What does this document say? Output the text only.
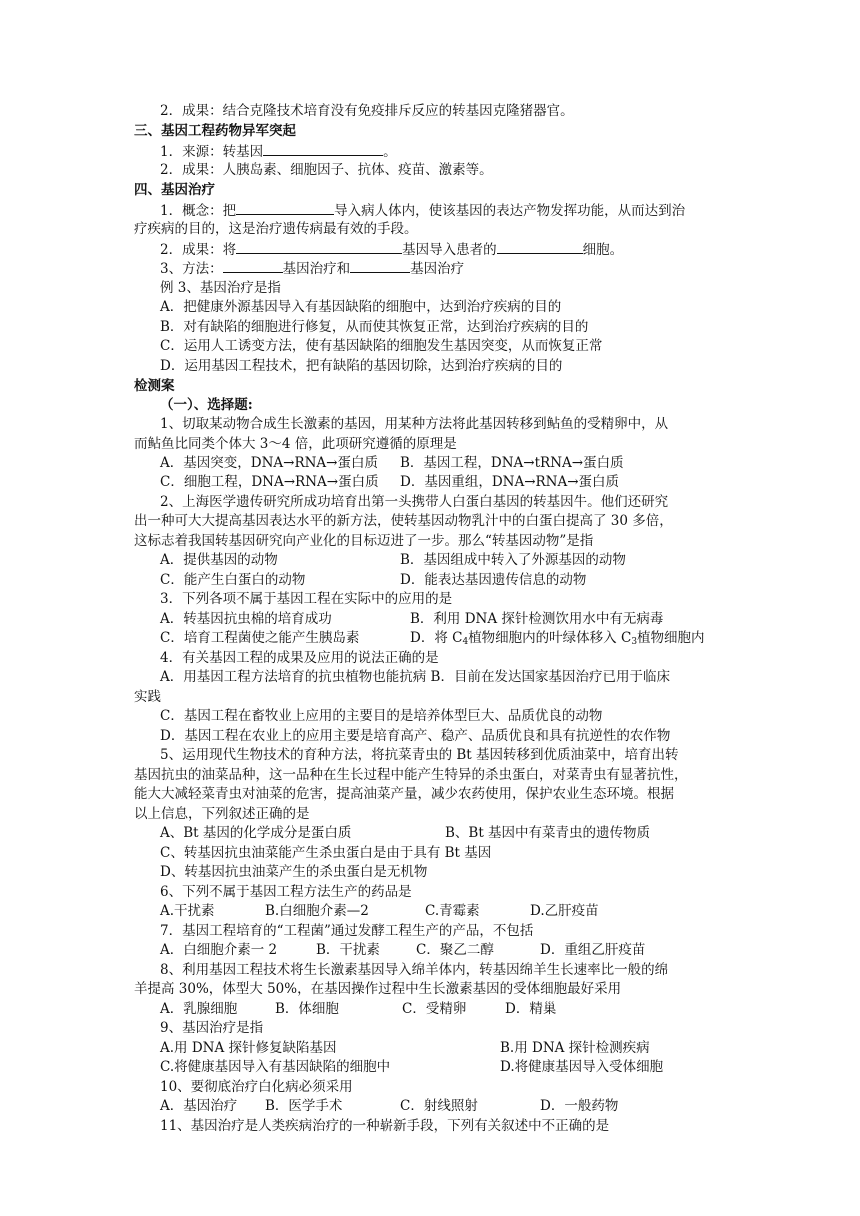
2．成果：结合克隆技术培育没有免疫排斥反应的转基因克隆猪器官。
三、基因工程药物异军突起
1．来源：转基因	。
2．成果：人胰岛素、细胞因子、抗体、疫苗、激素等。
四、基因治疗
1．概念：把	导入病人体内，使该基因的表达产物发挥功能，从而达到治
疗疾病的目的，这是治疗遗传病最有效的手段。
2．成果：将	基因导入患者的	细胞。
3、方法：	基因治疗和	基因治疗
例 3、基因治疗是指
A．把健康外源基因导入有基因缺陷的细胞中，达到治疗疾病的目的
B．对有缺陷的细胞进行修复，从而使其恢复正常，达到治疗疾病的目的
C．运用人工诱变方法，使有基因缺陷的细胞发生基因突变，从而恢复正常
D．运用基因工程技术，把有缺陷的基因切除，达到治疗疾病的目的
检测案
（一）、选择题:
1、切取某动物合成生长激素的基因，用某种方法将此基因转移到鲇鱼的受精卵中，从
而鲇鱼比同类个体大 3～4 倍，此项研究遵循的原理是
A．基因突变，DNA→RNA→蛋白质 B．基因工程，DNA→tRNA→蛋白质
C．细胞工程，DNA→RNA→蛋白质 D．基因重组，DNA→RNA→蛋白质
2、上海医学遗传研究所成功培育出第一头携带人白蛋白基因的转基因牛。他们还研究
出一种可大大提高基因表达水平的新方法，使转基因动物乳汁中的白蛋白提高了 30 多倍，
这标志着我国转基因研究向产业化的目标迈进了一步。那么“转基因动物”是指
A．提供基因的动物	B．基因组成中转入了外源基因的动物
C．能产生白蛋白的动物	D．能表达基因遗传信息的动物
3．下列各项不属于基因工程在实际中的应用的是
A．转基因抗虫棉的培育成功	B．利用 DNA 探针检测饮用水中有无病毒
C．培育工程菌使之能产生胰岛素	D．将 $C_4$植物细胞内的叶绿体移入 $C_3$植物细胞内
4．有关基因工程的成果及应用的说法正确的是
A．用基因工程方法培育的抗虫植物也能抗病 B．目前在发达国家基因治疗已用于临床
实践
C．基因工程在畜牧业上应用的主要目的是培养体型巨大、品质优良的动物
D．基因工程在农业上的应用主要是培育高产、稳产、品质优良和具有抗逆性的农作物
5、运用现代生物技术的育种方法，将抗菜青虫的 Bt 基因转移到优质油菜中，培育出转
基因抗虫的油菜品种，这一品种在生长过程中能产生特异的杀虫蛋白，对菜青虫有显著抗性，
能大大减轻菜青虫对油菜的危害，提高油菜产量，减少农药使用，保护农业生态环境。根据
以上信息，下列叙述正确的是
A、Bt 基因的化学成分是蛋白质	B、Bt 基因中有菜青虫的遗传物质
C、转基因抗虫油菜能产生杀虫蛋白是由于具有 Bt 基因
D、转基因抗虫油菜产生的杀虫蛋白是无机物
6、下列不属于基因工程方法生产的药品是
A.干扰素	B.白细胞介素—2	C.青霉素	D.乙肝疫苗
7．基因工程培育的“工程菌”通过发酵工程生产的产品，不包括
A．白细胞介素一 2	B．干扰素	C．聚乙二醇	D．重组乙肝疫苗
8、利用基因工程技术将生长激素基因导入绵羊体内，转基因绵羊生长速率比一般的绵
羊提高 30%，体型大 50%，在基因操作过程中生长激素基因的受体细胞最好采用
A．乳腺细胞	B．体细胞	C．受精卵	D．精巢
9、基因治疗是指
A.用 DNA 探针修复缺陷基因	B.用 DNA 探针检测疾病
C.将健康基因导入有基因缺陷的细胞中	D.将健康基因导入受体细胞
10、要彻底治疗白化病必须采用
A．基因治疗 B．医学手术	C．射线照射	D．一般药物
11、基因治疗是人类疾病治疗的一种崭新手段，下列有关叙述中不正确的是
